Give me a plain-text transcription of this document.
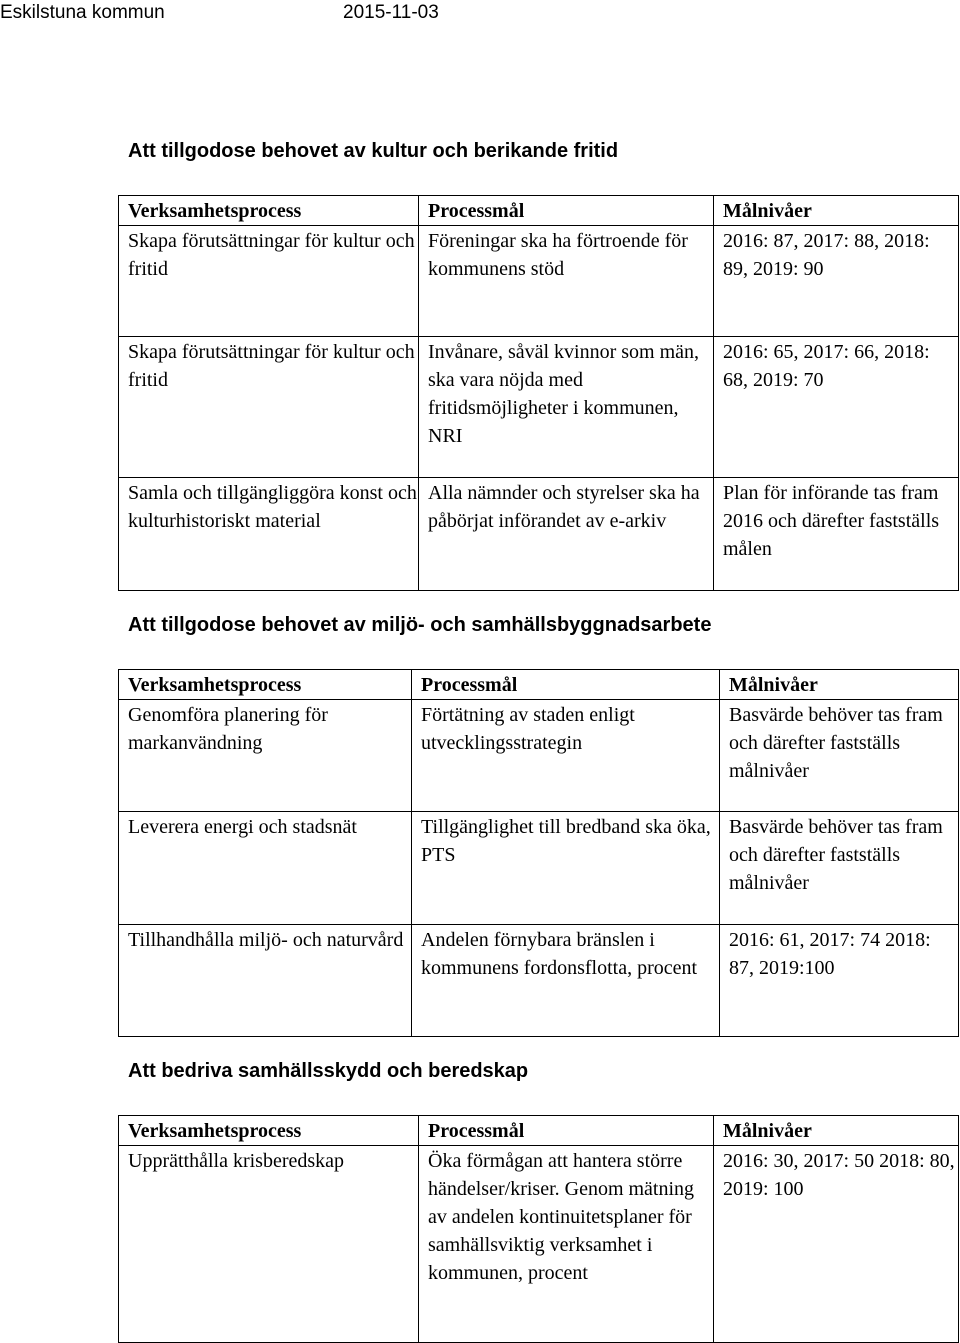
Eskilstuna kommun	2015-11-03
Att tillgodose behovet av kultur och berikande fritid
Verksamhetsprocess	Processmål	Målnivåer
Skapa förutsättningar för kultur och fritid	Föreningar ska ha förtroende för kommunens stöd	2016: 87, 2017: 88, 2018: 89, 2019: 90
Skapa förutsättningar för kultur och fritid	Invånare, såväl kvinnor som män, ska vara nöjda med fritidsmöjligheter i kommunen, NRI	2016: 65, 2017: 66, 2018: 68, 2019: 70
Samla och tillgängliggöra konst och kulturhistoriskt material	Alla nämnder och styrelser ska ha påbörjat införandet av e-arkiv	Plan för införande tas fram 2016 och därefter fastställs målen
Att tillgodose behovet av miljö- och samhällsbyggnadsarbete
Verksamhetsprocess	Processmål	Målnivåer
Genomföra planering för markanvändning	Förtätning av staden enligt utvecklingsstrategin	Basvärde behöver tas fram och därefter fastställs målnivåer
Leverera energi och stadsnät	Tillgänglighet till bredband ska öka, PTS	Basvärde behöver tas fram och därefter fastställs målnivåer
Tillhandhålla miljö- och naturvård	Andelen förnybara bränslen i kommunens fordonsflotta, procent	2016: 61, 2017: 74 2018: 87, 2019:100
Att bedriva samhällsskydd och beredskap
Verksamhetsprocess	Processmål	Målnivåer
Upprätthålla krisberedskap	Öka förmågan att hantera större händelser/kriser. Genom mätning av andelen kontinuitetsplaner för samhällsviktig verksamhet i kommunen, procent	2016: 30, 2017: 50 2018: 80, 2019: 100
